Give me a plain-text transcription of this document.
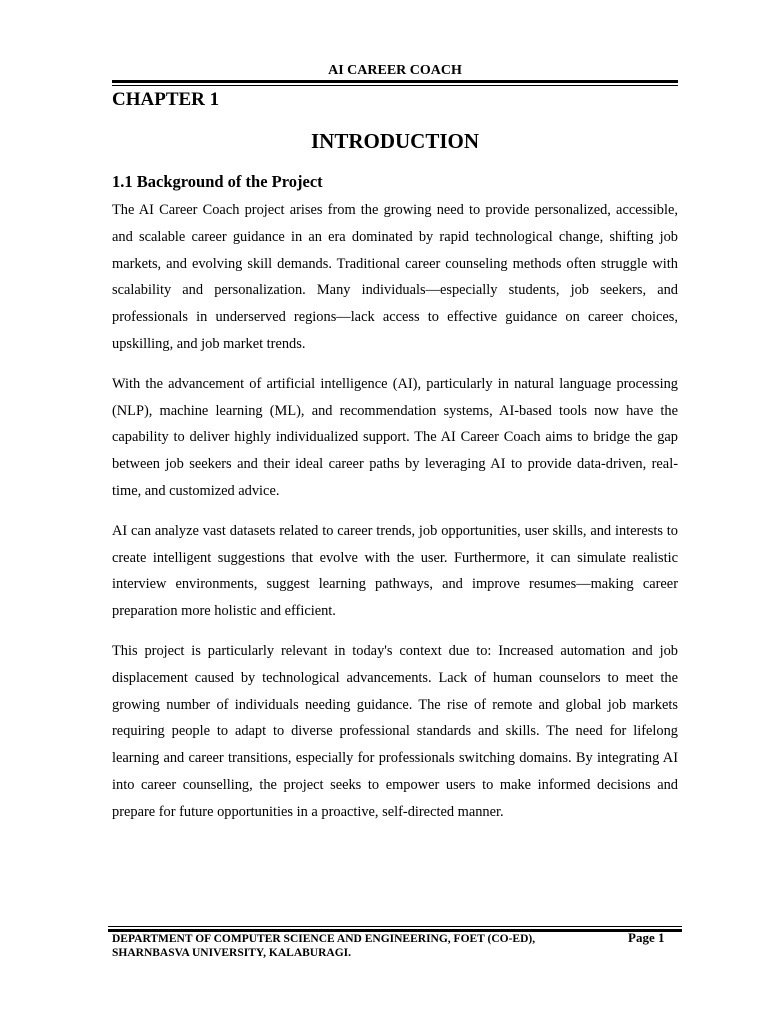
AI CAREER COACH
CHAPTER 1
INTRODUCTION
1.1 Background of the Project

The AI Career Coach project arises from the growing need to provide personalized, accessible, and scalable career guidance in an era dominated by rapid technological change, shifting job markets, and evolving skill demands. Traditional career counseling methods often struggle with scalability and personalization. Many individuals—especially students, job seekers, and professionals in underserved regions—lack access to effective guidance on career choices, upskilling, and job market trends.

With the advancement of artificial intelligence (AI), particularly in natural language processing (NLP), machine learning (ML), and recommendation systems, AI-based tools now have the capability to deliver highly individualized support. The AI Career Coach aims to bridge the gap between job seekers and their ideal career paths by leveraging AI to provide data-driven, real-time, and customized advice.

AI can analyze vast datasets related to career trends, job opportunities, user skills, and interests to create intelligent suggestions that evolve with the user. Furthermore, it can simulate realistic interview environments, suggest learning pathways, and improve resumes—making career preparation more holistic and efficient.

This project is particularly relevant in today's context due to: Increased automation and job displacement caused by technological advancements. Lack of human counselors to meet the growing number of individuals needing guidance. The rise of remote and global job markets requiring people to adapt to diverse professional standards and skills. The need for lifelong learning and career transitions, especially for professionals switching domains. By integrating AI into career counselling, the project seeks to empower users to make informed decisions and prepare for future opportunities in a proactive, self-directed manner.

DEPARTMENT OF COMPUTER SCIENCE AND ENGINEERING, FOET (CO-ED),
SHARNBASVA UNIVERSITY, KALABURAGI.
Page 1
